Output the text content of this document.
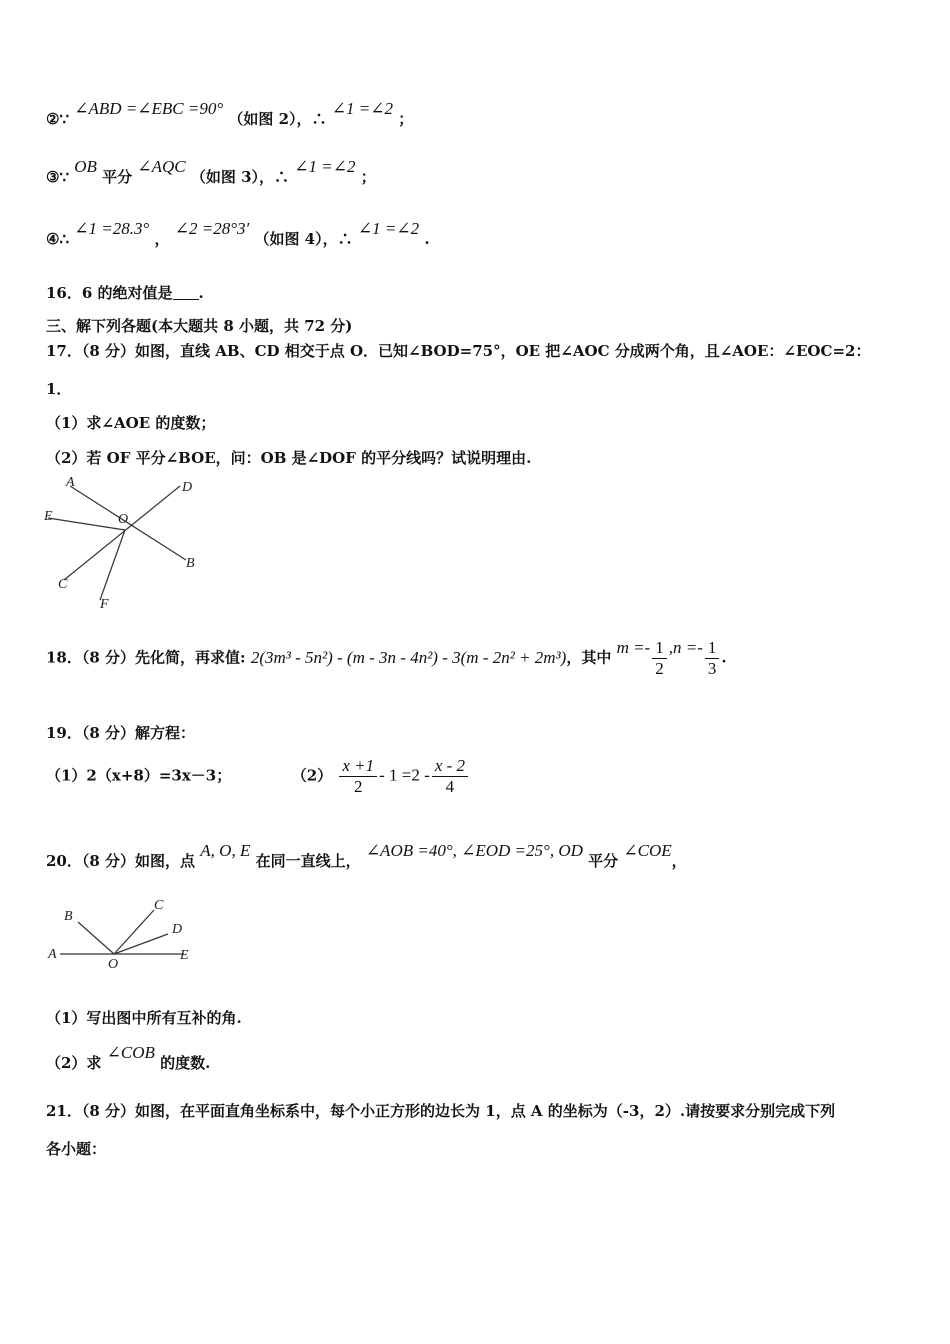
②∵ ∠ABD =∠EBC =90° （如图 2），∴ ∠1 =∠2 ；
③∵ OB 平分 ∠AQC （如图 3），∴ ∠1 =∠2 ；
④∴ ∠1 =28.3° ， ∠2 =28°3′ （如图 4），∴ ∠1 =∠2 .
16．6 的绝对值是 .
三、解下列各题(本大题共 8 小题，共 72 分)
17．（8 分）如图，直线 AB、CD 相交于点 O．已知∠BOD=75°，OE 把∠AOC 分成两个角，且∠AOE：∠EOC=2：
1．
（1）求∠AOE 的度数；
（2）若 OF 平分∠BOE，问：OB 是∠DOF 的平分线吗？试说明理由.
A	D
E	O
B
C
F
18．（8 分）先化简，再求值: 2(3m³ - 5n²) - (m - 3n - 4n²) - 3(m - 2n² + 2m³)，其中 $m =- \frac{1}{2} ,n =- \frac{1}{3}$ .
19．（8 分）解方程：
（1）2（x+8）=3x－3；	$(2) \frac{x +1}{2} - 1 =2 - \frac{x - 2}{4}$
20．（8 分）如图，点 A, O, E 在同一直线上， ∠AOB =40°, ∠EOD =25°, OD 平分 ∠COE，
B
C
D
A
O
E
（1）写出图中所有互补的角.
（2）求 ∠COB 的度数.
21．（8 分）如图，在平面直角坐标系中，每个小正方形的边长为 1，点 A 的坐标为（-3，2）.请按要求分别完成下列
各小题：
